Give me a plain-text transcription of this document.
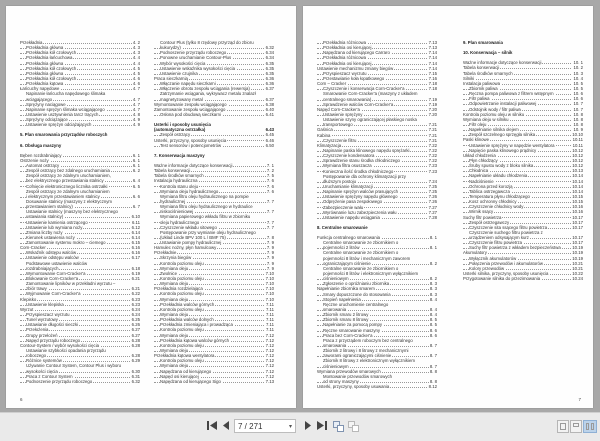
Przekładnia	4. 2
Przekładnia główna	4. 3
Przekładnia kół czołowych	4. 3
Przekładnia łańcuchowa	4. 4
Przekładnia główna	4. 4
Przekładnia kół czołowych	4. 5
Przekładnia główna	4. 5
Przekładnia kół czołowych	4. 6
Przekładnia kątowa	4. 6
Łańcuchy napędowe	4. 7
Napinanie łańcucha napędowego ślimaka
wciągającego	4. 7
Sprężyny naciągowe	4. 7
Napinanie sprężyn ślimaka wciągającego	4. 7
Ustawienie usztywnienia tarcz trących	4. 8
Sprężyny odciążające	4. 9
Ustawienie sprężyn odciążających	4. 9
5. Plan smarowania przyrządów roboczych
6. Obsługa maszyny
Bęben rozdrabniający	6. 1
Ostrzenie noży	6. 1
Automat ostrzący	6. 1
Zespół ostrzący bez zdalnego uruchamiania	6. 2
Zespół ostrzący ze zdalnym uruchamianiem,
bez elektrycznego przestawiania stalnicy	6. 4
Cofnięcie elektronicznego licznika ostrzałki	6. 5
Zespół ostrzący ze zdalnym uruchamianiem
i elektrycznym przestawianiem stalnicy	6. 6
Dosuwanie stalnicy (maszyny z elektrycznym
przestawianiem stalnicy)	6. 7
Ustawianie stalnicy (maszyny bez elektrycznego
ustawiania stalnicy)	6.10
Ustawienie kamienia ostrzącego	6.11
Ustawienie lub wymiana noży	6.12
Zmiana liczby noży	6.14
Kierunek ustawienia noży	6.14
Zamontowanie systemu mokro – ciemego	6.15
Corn-Cracker	6.16
Wskaźnik odstępu walców	6.16
Ustawienie odstępu walców	6.17
Podstawowe ustawienie walców
rozdrabniających	6.18
Wymontowanie Corn-Cracker'a	6.19
Blokowanie Corn-Cracker'a	6.21
Zamontowanie lipników w przekładni wyrzutu –
zbiór trawy	6.21
Wyjmowanie Corn-Cracker'a	6.22
Klepisko	6.23
Ustawienie klepiska	6.23
Wyrzut	6.24
Przyspieszacz wyrzutu	6.24
Tunel wyrzutowy	6.25
Ustawianie długości sieczki	6.26
Przełożenia	6.27
Grupy przełożeń	6.27
Napęd przyrządu roboczego	6.28
Contour-System / wybór wysokości cięcia	6.28
Ustawianie szybkości opadania przyrządu
roboczego	6.28
Różnice systemów	6.29
Używanie Contour System, Contour Plus i wyboru
wysokości cięcia	6.30
Praca z Contour System	6.31
Podnoszenie przyrządu roboczego	6.32
Contour Plus (tylko 8 rzędowy przyrząd do zbioru
kukurydzy)	6.32
Podnoszenie przyrządu roboczego	6.34
Ponowne uruchamianie Contour-Plus	6.34
Wybór wysokości cięcia	6.35
Ustawienie wskaźnika wysokości cięcia	6.35
Ustawienie czujnika	6.35
Praca sieczkarnią	6.36
Włączanie napędu sieczkarni	6.36
Włączenie obrotu zespołu wciągania (rewersja)	6.37
Zatrzymanie wciągania, wykrywacz metalu znalazł
magnetyzowany metal	6.37
Wymontowanie zespołu wciągającego	6.38
Zamontowanie zespołu wciągającego	6.40
Osłona pod obudową sieczkarni	6.41
Usterki i sposoby usunięcia
(automatyczna ostrzałka)	6.43
Zespół ostrzący	6.45
Usterki, przyczyny, sposoby usunięcia	6.46
Test sensorów i potencjometrów	6.50
7. Konserwacja maszyny
Ważne informacje dotyczące konserwacji	7. 1
Tabela konserwacji	7. 2
Tabela środków smarnych	7. 5
Instalacja hydrauliczna	7. 6
Kontrola stanu oleju	7. 6
Wymiana oleju hydraulicznego	7. 6
Wymiana filtru oleju hydraulicznego na pompie
hydraulicznej	7. 7
Wymiana filtru oleju hydraulicznego w hydraulice
niskociśnieniowej	7. 7
Wymiana papierowego wkładu filtru w zbiorniku
oleju hydraulicznego	7. 7
Czyszczenie wkładu sitowego	7. 7
Postępowanie przy wymianie oleju hydraulicznego
(Układ Linde BPV 100 L / BMF 75)	7. 8
Ustawianie pompy hydraulicznej	7. 9
Hamulec nożny, płyn hamulcowy	7. 9
Przekładnie	7. 9
Skrzynia biegów	7. 9
Kontrola poziomu oleju	7. 9
Wymiana oleju	7. 9
Zwolnice	7.10
Kontrola poziomu oleju	7.10
Wymiana oleju	7.10
Przekładnia rozdzielająca	7.10
Kontrola poziomu oleju	7.10
Wymiana oleju	7.10
Przekładnia walców górnych	7.11
Kontrola poziomu oleju	7.11
Wymiana oleju	7.11
Przekładnia walców dolnych	7.11
Przekładnia zmieniająca i prowadząca	7.11
Kontrola poziomu oleju	7.11
Wymiana oleju	7.12
Przekładnia kątowa walców górnych	7.12
Kontrola poziomu oleju	7.12
Wymiana oleju	7.12
Przekładnia kątowa wentylatora	7.12
Kontrola poziomu oleju	7.12
Wymiana oleju	7.12
Napędzana od kierującego	7.12
Napęd osi kierującej	7.12
Napędzana od kierującego Sigo	7.13
6
Przekładnia różnicowa	7.13
Przekładnia osi kierującej	7.13
Napędzana od kierującego Carraro	7.14
Przekładnia różnicowa	7.14
Przekładnia osi kierującej	7.14
Ustawienie mechanizmu zmiany biegów	7.14
Przyspieszacz wyrzutu	7.15
Przestawianie koła łopatkowego	7.16
Corn – Cracker	7.18
Czyszczenie i konserwacja Corn-Cracker'a	7.18
Smarowanie Corn-Cracker'a (maszyny z układem
centralnego smarowania)	7.19
Sprawdzenie walców Corn-Cracker'a	7.19
Napęd Corn-Cracker'a	7.20
Ustawienie sprężyny	7.20
Ustawienie szyny ograniczającej płaskiego noska
transportowego	7.21
Gaśnica	7.21
Kabina	7.21
Czyszczenie filtru	7.21
Klimatyzacja	7.22
Napinanie paska klinowego napędu sprężarki	7.22
Czyszczenie kondensatora	7.22
Sprawdzenie stanu środka chłodniczego	7.22
Wymiana filtra osuszacza	7.23
Konieczna ilość środka chłodniczego	7.23
Postępowanie dla ochrony klimatyzacji przy
dłuższym postoju	7.24
Uruchamianie klimatyzacji	7.25
Napinanie sprężyn walców prasujących	7.25
Ustawienie sprężyny napędu głównego	7.26
Odprężenie pasa zespołowego	7.26
Zabezpieczenie wału	7.27
Wyrównanie luzu zabezpieczenia wału	7.27
Ustawienie napędu wciągania	7.28
8. Centralne smarowanie
Funkcja centralnego smarowania	8. 1
Centralne smarowanie ze zbiornikiem o
pojemności 2 litrów	8. 1
Centralne smarowanie ze zbiornikiem o
pojemności 8 litrów i mechanicznym zaworem
ograniczającym ciśnienie	8. 2
Centralne smarowanie ze zbiornikiem o
pojemności 8 litrów i elektronicznym wyłącznikiem
ciśnieniowym	8. 2
Zgłoszenie o opróżnianiu zbiornika	8. 3
Napełnianie zbiornika smarem	8. 3
Smary dopuszczone do stosowania	8. 3
Stopień napełnienia	8. 4
Ręczne uruchomienie centralnego
smarowania	8. 4
Zbiornik smaru 2 litrowy	8. 4
Zbiornik smaru 8 litrowy	8. 5
Napełnianie za pomocą pompy	8. 5
Ręczne smarowanie maszyny	8. 6
Praca bez Corn-Cracker'a	8. 6
Praca z przyrządem roboczym bez centralnego
smarowania	8. 7
Zbiornik 2 litrowy i 8 litrowy z mechanicznymi
zaworami ograniczającymi ciśnienie	8. 7
Zbiornik 8 litrowy z elektronicznym wyłącznikiem
ciśnieniowym	8. 7
Wymiana przewodów smarowych	8. 8
Montowanie przewodów smarowych
od strony maszyny	8. 8
Usterki, przyczyny, sposoby usuwania	8.12
9. Plan smarowania
10. Konserwacja – silnik
Ważne informacje dotyczące konserwacji	10. 1
Tabela konserwacji	10. 2
Tabela środków smarnych	10. 3
Silniki	10. 4
Instalacja paliwowa	10. 5
Zbiornik paliwa	10. 5
Ręczna pompa paliwowa z filtrem wstępnym	10. 6
Filtr paliwa	10. 6
Odpowietrzanie instalacji paliwowej	10. 7
Odstojnik wody / filtr paliwa	10. 7
Kontrola poziomu oleju w silniku	10. 8
Wymiana oleju w silniku	10. 8
Filtr oleju	10. 8
Napełnianie silnika olejem	10. 9
Zespół szczelnego sprzęgła silnika	10.10
Paski klinowe	10.11
Ustawienie sprężyny w napędzie wentylatora	10.11
Napięcie paska klinowego prądnicy	10.12
Układ chłodzenia	10.12
Płyn chłodzący	10.12
Śruby spustu wody z bloku silnika	10.12
Chłodnica	10.13
Napełnianie układu chłodzenia	10.14
Nadciśnienie	10.14
Ochrona przed korozją	10.14
Tablica ostrzegawcza	10.14
Temperatura płynu chłodzącego	10.15
Kosz ochronny chłodnicy	10.15
Czyszczenie chłodnicy wody	10.16
Wirnik ssący	10.16
Suchy filtr powietrza	10.17
Zespół ostrzegawczy	10.17
Czyszczenie sita ssącego filtru powietrza	10.17
Czyszczenie suchego filtru powietrza z
urządzeniem odsysającym kurz	10.17
Czyszczenie filtru powietrza	10.17
Suchy filtr powietrza z wkładem bezpieczeństwa	10.19
Akumulatory	10.19
Wyłącznik akumulatorów	10.19
Połączenia przewodów i akumulatorów	10.21
Kolory przewodów	10.21
Usterki silnika, przyczyny, sposoby usunięcia	10.22
Przygotowanie silnika do przezimowania	10.24
7
7 / 271	▾
